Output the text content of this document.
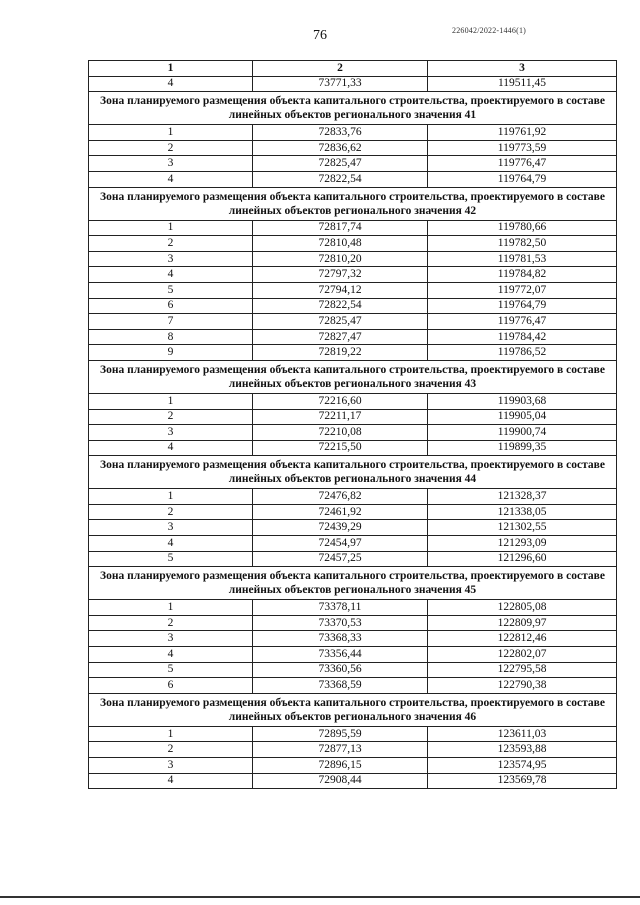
76	226042/2022-1446(1)
1	2	3
4	73771,33	119511,45
Зона планируемого размещения объекта капитального строительства, проектируемого в составе линейных объектов регионального значения 41		
1	72833,76	119761,92
2	72836,62	119773,59
3	72825,47	119776,47
4	72822,54	119764,79
Зона планируемого размещения объекта капитального строительства, проектируемого в составе линейных объектов регионального значения 42		
1	72817,74	119780,66
2	72810,48	119782,50
3	72810,20	119781,53
4	72797,32	119784,82
5	72794,12	119772,07
6	72822,54	119764,79
7	72825,47	119776,47
8	72827,47	119784,42
9	72819,22	119786,52
Зона планируемого размещения объекта капитального строительства, проектируемого в составе линейных объектов регионального значения 43		
1	72216,60	119903,68
2	72211,17	119905,04
3	72210,08	119900,74
4	72215,50	119899,35
Зона планируемого размещения объекта капитального строительства, проектируемого в составе линейных объектов регионального значения 44		
1	72476,82	121328,37
2	72461,92	121338,05
3	72439,29	121302,55
4	72454,97	121293,09
5	72457,25	121296,60
Зона планируемого размещения объекта капитального строительства, проектируемого в составе линейных объектов регионального значения 45		
1	73378,11	122805,08
2	73370,53	122809,97
3	73368,33	122812,46
4	73356,44	122802,07
5	73360,56	122795,58
6	73368,59	122790,38
Зона планируемого размещения объекта капитального строительства, проектируемого в составе линейных объектов регионального значения 46		
1	72895,59	123611,03
2	72877,13	123593,88
3	72896,15	123574,95
4	72908,44	123569,78
